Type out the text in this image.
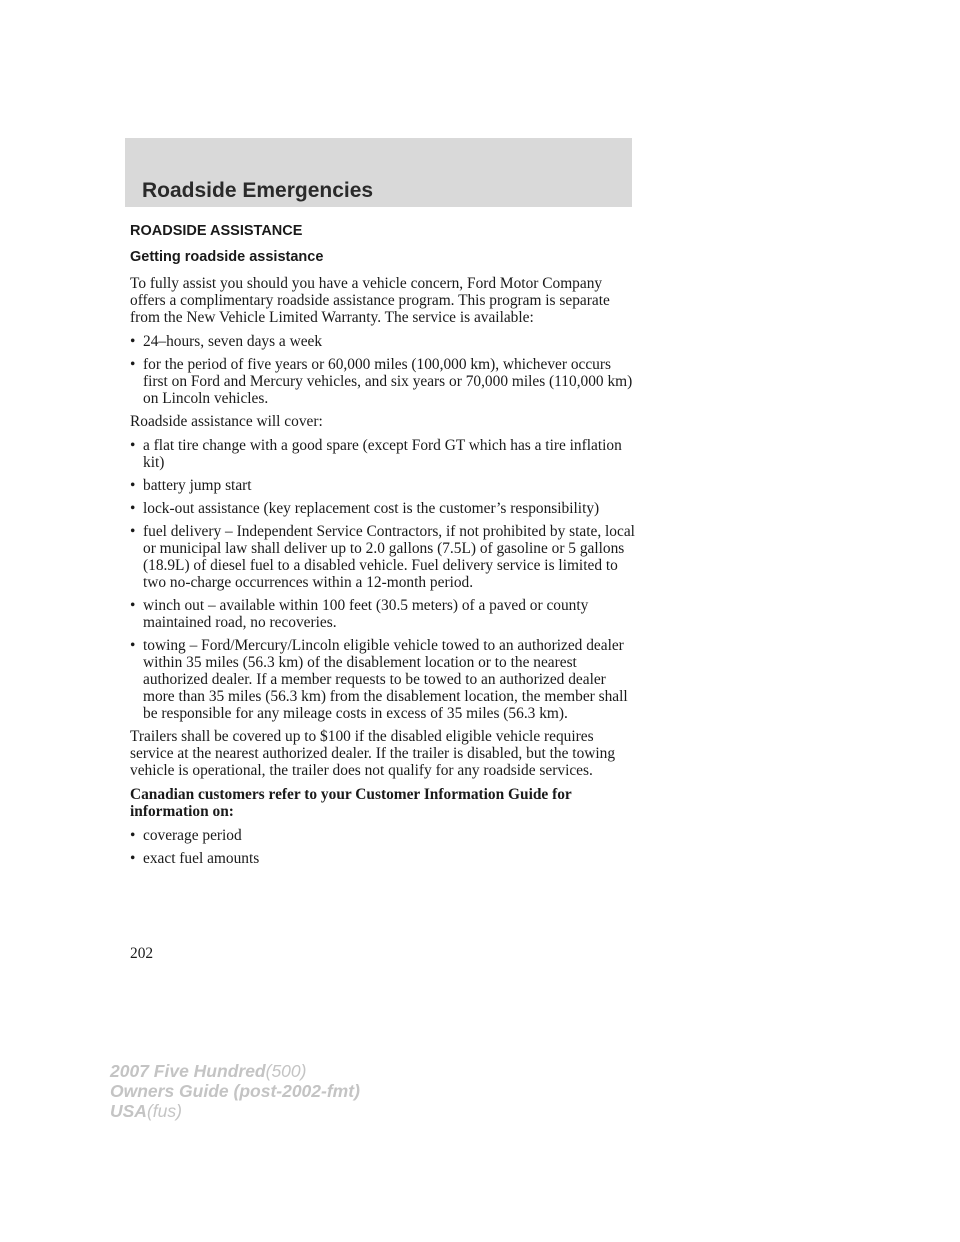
Roadside Emergencies
ROADSIDE ASSISTANCE
Getting roadside assistance

To fully assist you should you have a vehicle concern, Ford Motor Company offers a complimentary roadside assistance program. This program is separate from the New Vehicle Limited Warranty. The service is available:

• 24–hours, seven days a week
• for the period of five years or 60,000 miles (100,000 km), whichever occurs first on Ford and Mercury vehicles, and six years or 70,000 miles (110,000 km) on Lincoln vehicles.

Roadside assistance will cover:

• a flat tire change with a good spare (except Ford GT which has a tire inflation kit)
• battery jump start
• lock-out assistance (key replacement cost is the customer’s responsibility)
• fuel delivery – Independent Service Contractors, if not prohibited by state, local or municipal law shall deliver up to 2.0 gallons (7.5L) of gasoline or 5 gallons (18.9L) of diesel fuel to a disabled vehicle. Fuel delivery service is limited to two no-charge occurrences within a 12-month period.
• winch out – available within 100 feet (30.5 meters) of a paved or county maintained road, no recoveries.
• towing – Ford/Mercury/Lincoln eligible vehicle towed to an authorized dealer within 35 miles (56.3 km) of the disablement location or to the nearest authorized dealer. If a member requests to be towed to an authorized dealer more than 35 miles (56.3 km) from the disablement location, the member shall be responsible for any mileage costs in excess of 35 miles (56.3 km).

Trailers shall be covered up to $100 if the disabled eligible vehicle requires service at the nearest authorized dealer. If the trailer is disabled, but the towing vehicle is operational, the trailer does not qualify for any roadside services.

Canadian customers refer to your Customer Information Guide for information on:

• coverage period
• exact fuel amounts
202
2007 Five Hundred(500)
Owners Guide (post-2002-fmt)
USA(fus)
